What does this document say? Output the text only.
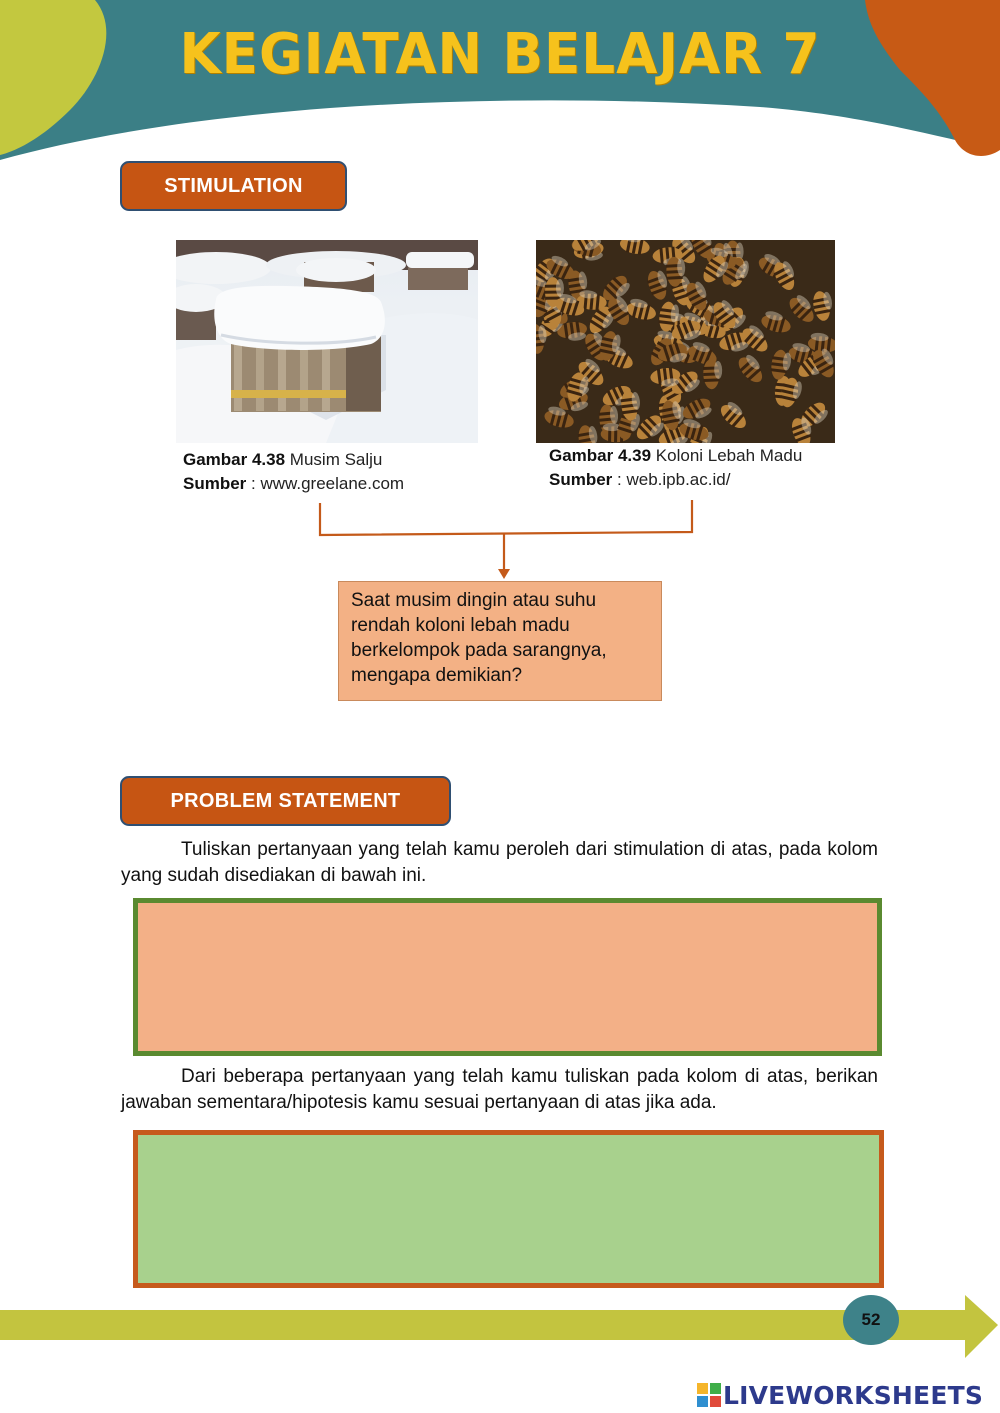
KEGIATAN BELAJAR 7
STIMULATION
Gambar 4.38 Musim Salju
Sumber : www.greelane.com
Gambar 4.39 Koloni Lebah Madu
Sumber : web.ipb.ac.id/
Saat musim dingin atau suhu rendah koloni lebah madu berkelompok pada sarangnya, mengapa demikian?
PROBLEM STATEMENT
Tuliskan pertanyaan yang telah kamu peroleh dari stimulation di atas, pada kolom yang sudah disediakan di bawah ini.
Dari beberapa pertanyaan yang telah kamu tuliskan pada kolom di atas, berikan jawaban sementara/hipotesis kamu sesuai pertanyaan di atas jika ada.
52
LIVEWORKSHEETS
